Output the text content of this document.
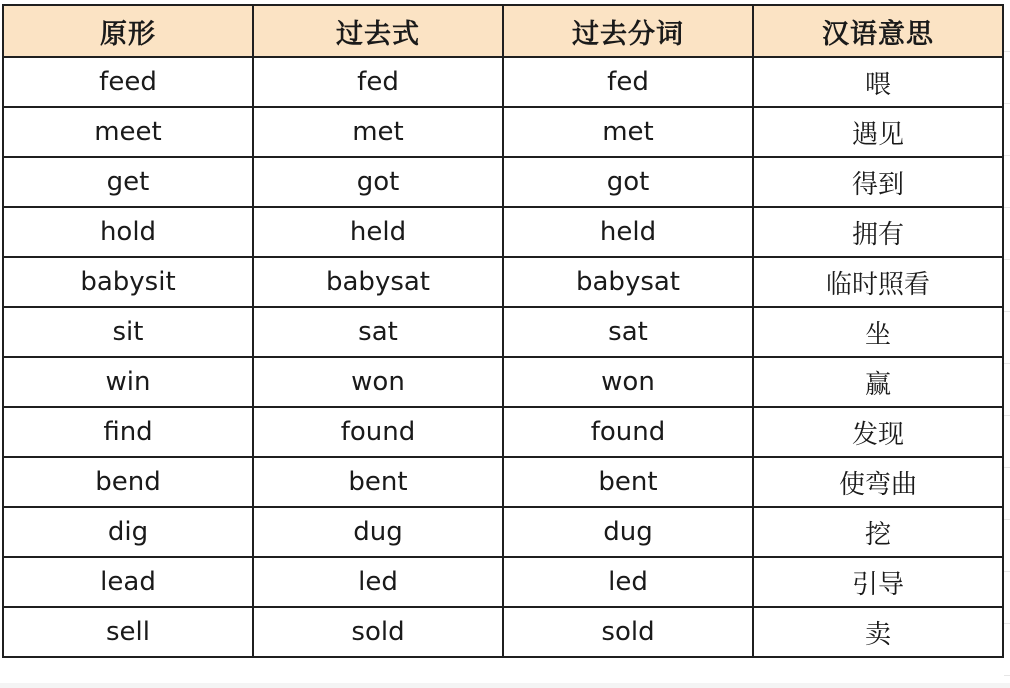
原形	过去式	过去分词	汉语意思
feed	fed	fed	喂
meet	met	met	遇见
get	got	got	得到
hold	held	held	拥有
babysit	babysat	babysat	临时照看
sit	sat	sat	坐
win	won	won	赢
find	found	found	发现
bend	bent	bent	使弯曲
dig	dug	dug	挖
lead	led	led	引导
sell	sold	sold	卖
